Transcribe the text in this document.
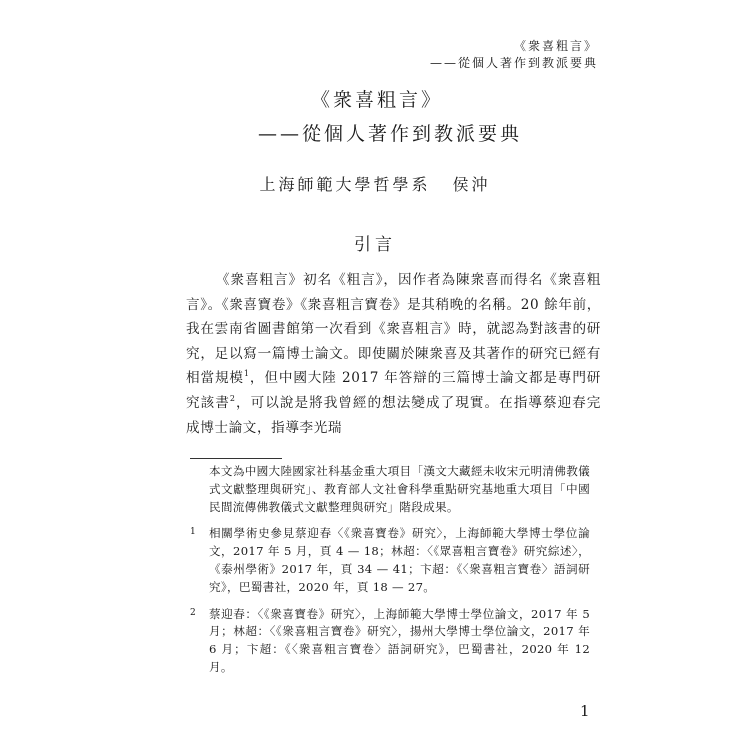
《衆喜粗言》
——從個人著作到教派要典
《衆喜粗言》
——從個人著作到教派要典
上海師範大學哲學系 侯沖
引言
《衆喜粗言》初名《粗言》，因作者為陳衆喜而得名《衆喜粗言》。《衆喜寶卷》《衆喜粗言寶卷》是其稍晚的名稱。20 餘年前，我在雲南省圖書館第一次看到《衆喜粗言》時，就認為對該書的研究，足以寫一篇博士論文。即使關於陳衆喜及其著作的研究已經有相當規模$^1$，但中國大陸 2017 年答辯的三篇博士論文都是專門研究該書$^2$，可以說是將我曾經的想法變成了現實。在指導蔡迎春完成博士論文，指導李光瑞
本文為中國大陸國家社科基金重大項目「漢文大藏經未收宋元明清佛教儀式文獻整理與研究」、教育部人文社會科學重點研究基地重大項目「中國民間流傳佛教儀式文獻整理與研究」階段成果。
1 相關學術史參見蔡迎春〈《衆喜寶卷》研究〉，上海師範大學博士學位論文，2017 年 5 月，頁 4 — 18；林超：〈《眾喜粗言寶卷》研究綜述〉，《泰州學術》2017 年，頁 34 — 41；卞超：《〈衆喜粗言寶卷〉語詞研究》，巴蜀書社，2020 年，頁 18 — 27。
2 蔡迎春：〈《衆喜寶卷》研究〉，上海師範大學博士學位論文，2017 年 5 月；林超：〈《衆喜粗言寶卷》研究〉，揚州大學博士學位論文，2017 年 6 月；卞超：《〈衆喜粗言寶卷〉語詞研究》，巴蜀書社，2020 年 12 月。
1
